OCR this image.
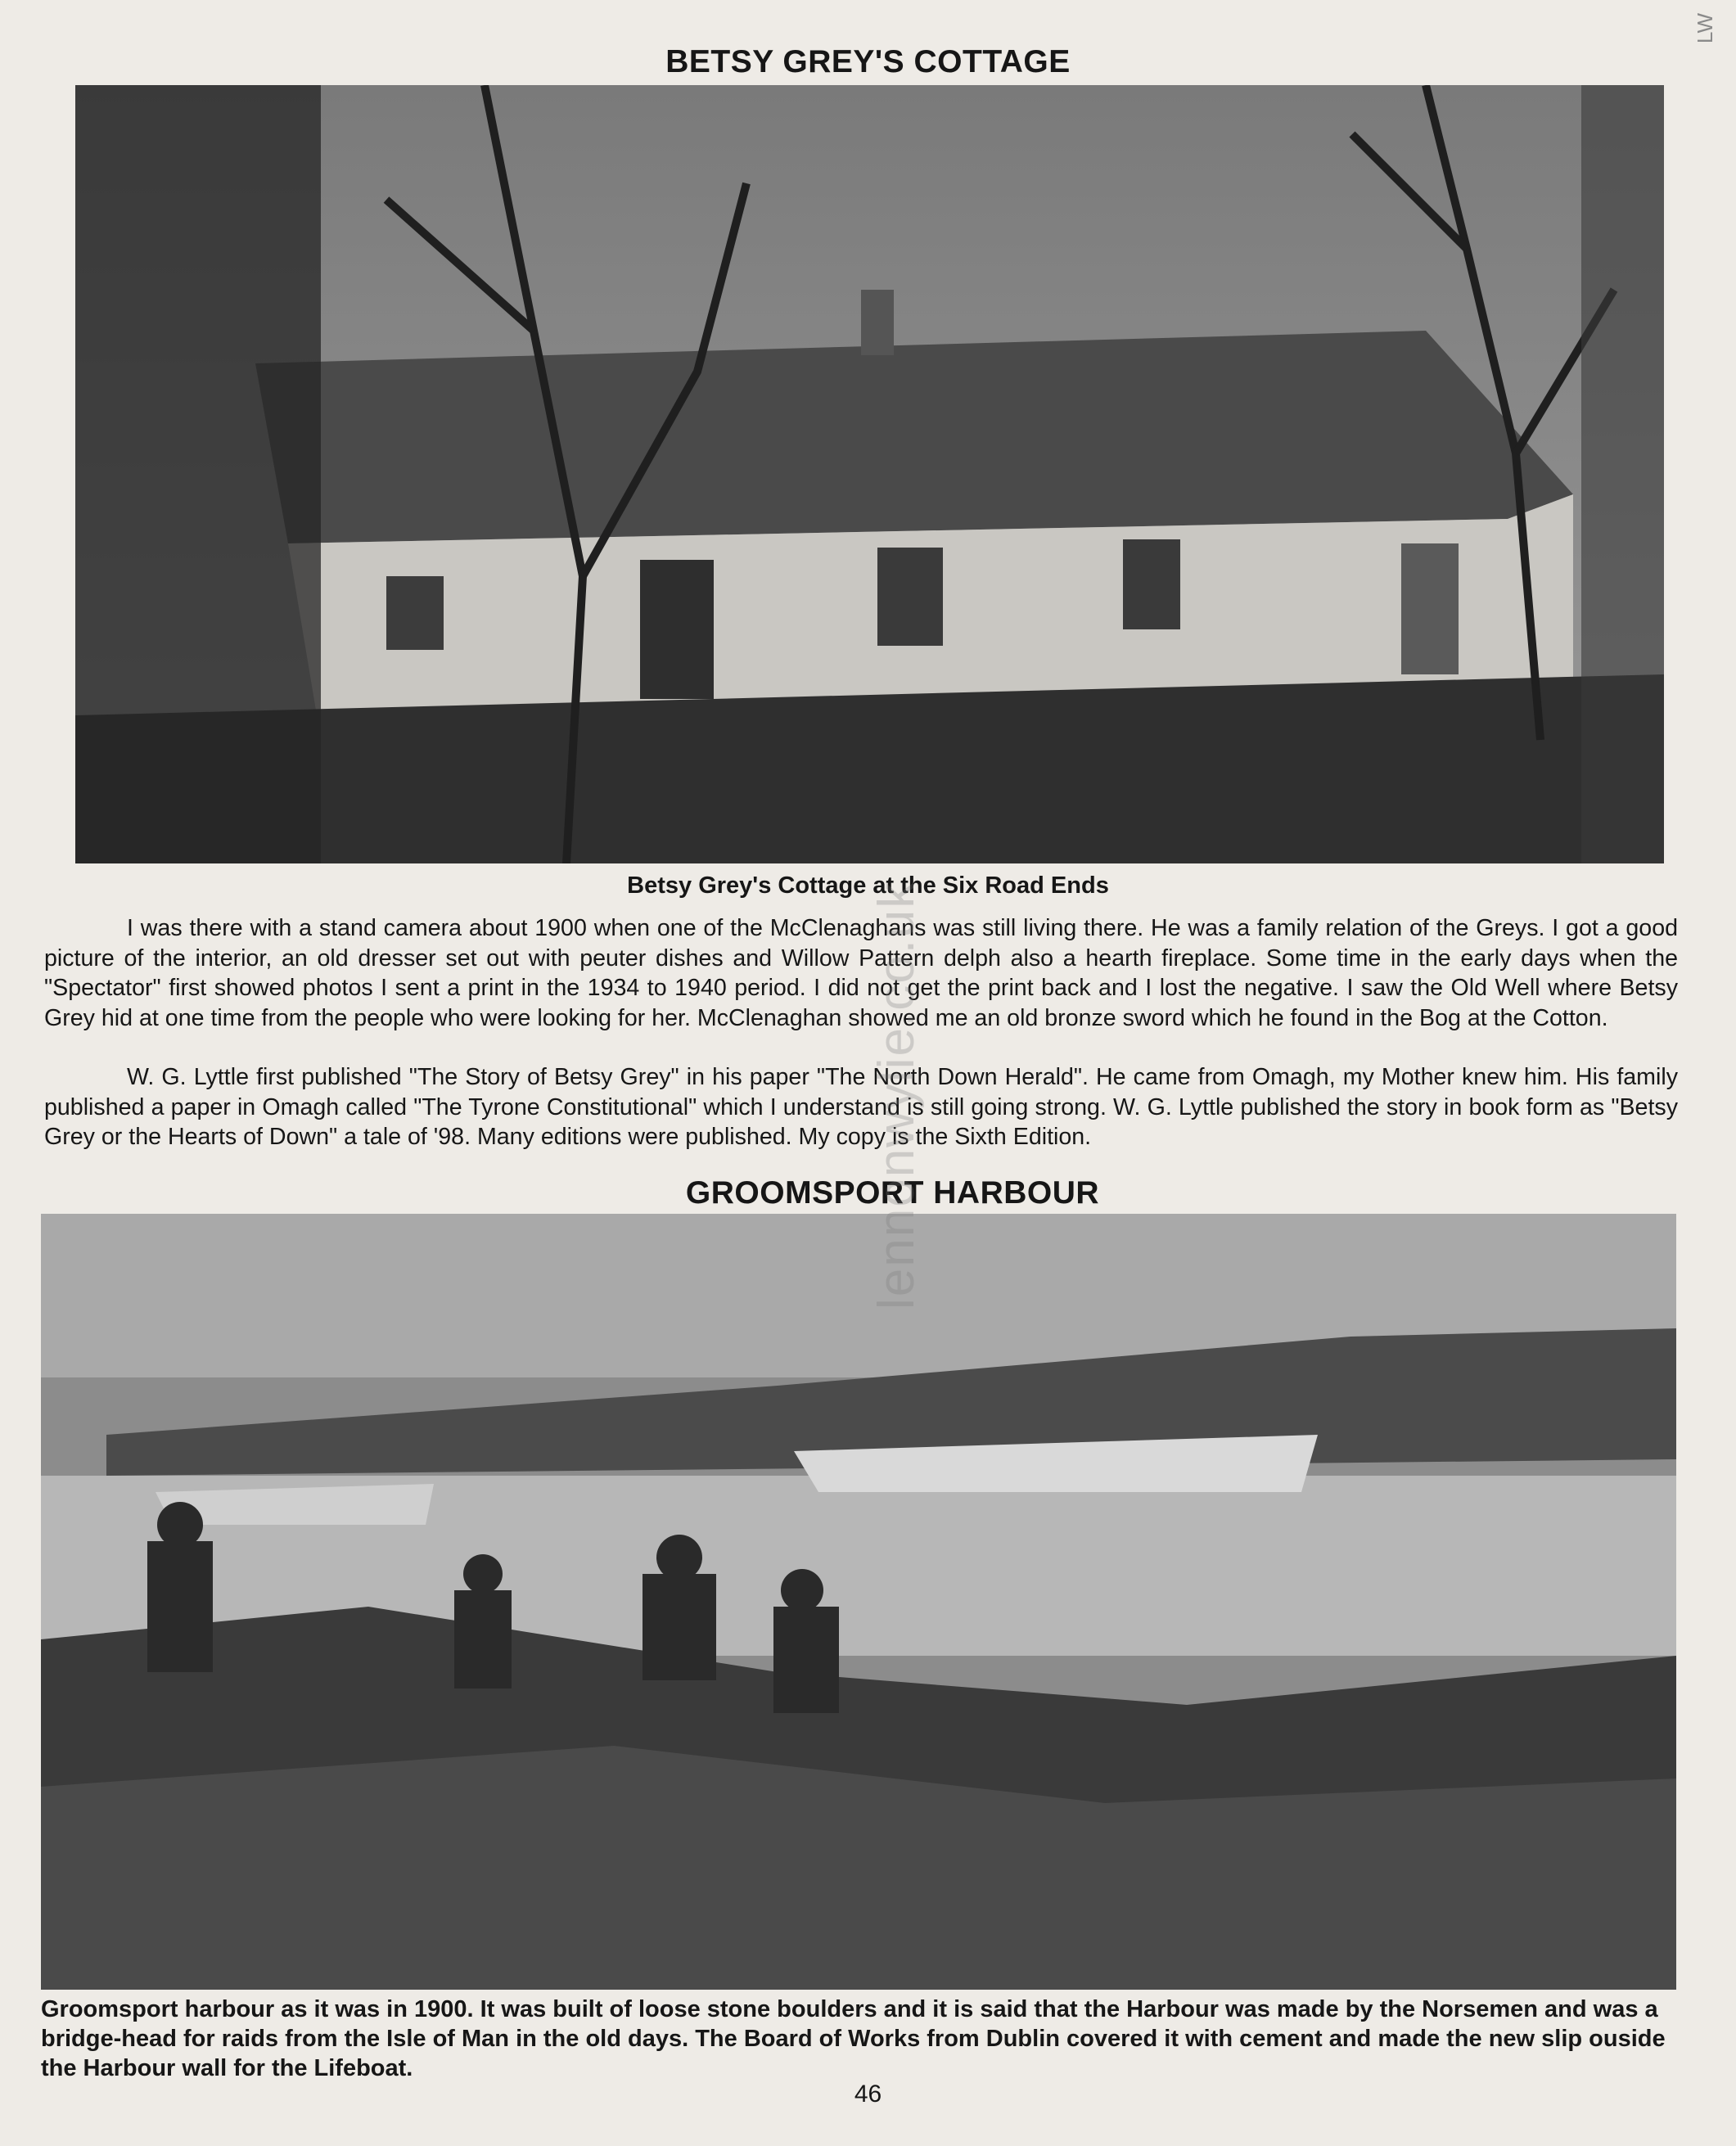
LW
BETSY GREY'S COTTAGE
Betsy Grey's Cottage at the Six Road Ends

I was there with a stand camera about 1900 when one of the McClenaghans was still living there. He was a family relation of the Greys. I got a good picture of the interior, an old dresser set out with peuter dishes and Willow Pattern delph also a hearth fireplace. Some time in the early days when the "Spectator" first showed photos I sent a print in the 1934 to 1940 period. I did not get the print back and I lost the negative. I saw the Old Well where Betsy Grey hid at one time from the people who were looking for her. McClenaghan showed me an old bronze sword which he found in the Bog at the Cotton.

W. G. Lyttle first published "The Story of Betsy Grey" in his paper "The North Down Herald". He came from Omagh, my Mother knew him. His family published a paper in Omagh called "The Tyrone Constitutional" which I understand is still going strong. W. G. Lyttle published the story in book form as "Betsy Grey or the Hearts of Down" a tale of '98. Many editions were published. My copy is the Sixth Edition.

GROOMSPORT HARBOUR

Groomsport harbour as it was in 1900. It was built of loose stone boulders and it is said that the Harbour was made by the Norsemen and was a bridge-head for raids from the Isle of Man in the old days. The Board of Works from Dublin covered it with cement and made the new slip ouside the Harbour wall for the Lifeboat.

46
lennonwylie.co.uk
